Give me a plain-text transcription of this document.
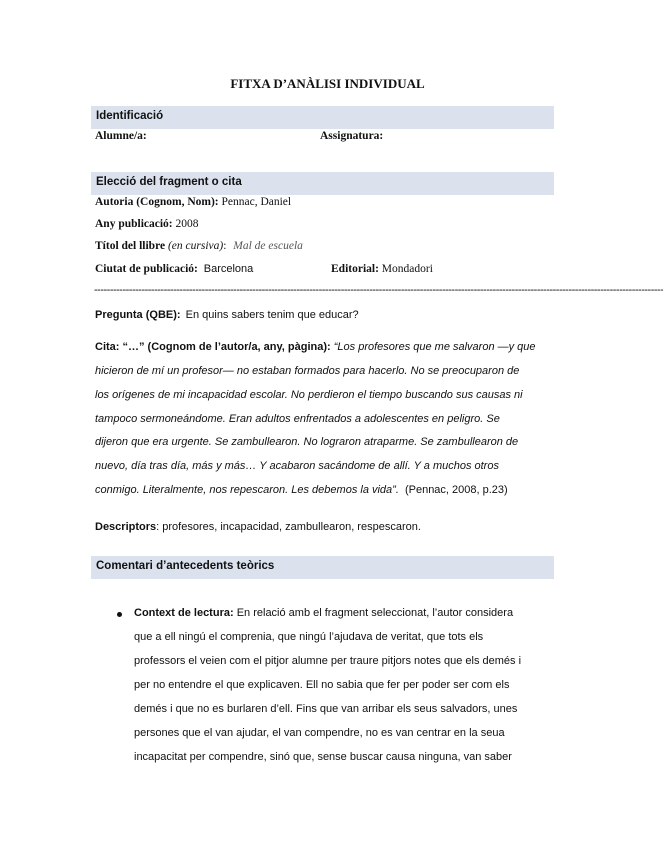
FITXA D’ANÀLISI INDIVIDUAL
Identificació
Alumne/a:	Assignatura:
Elecció del fragment o cita
Autoria (Cognom, Nom): Pennac, Daniel
Any publicació: 2008
Títol del llibre (en cursiva): Mal de escuela
Ciutat de publicació: Barcelona	Editorial: Mondadori
------------------------------------------------------------------------------------------------------------------------------------------------------------------------------------
Pregunta (QBE): En quins sabers tenim que educar?
Cita: “…” (Cognom de l’autor/a, any, pàgina): “Los profesores que me salvaron —y que
hicieron de mí un profesor— no estaban formados para hacerlo. No se preocuparon de
los orígenes de mi incapacidad escolar. No perdieron el tiempo buscando sus causas ni
tampoco sermoneándome. Eran adultos enfrentados a adolescentes en peligro. Se
dijeron que era urgente. Se zambullearon. No lograron atraparme. Se zambullearon de
nuevo, día tras día, más y más… Y acabaron sacándome de allí. Y a muchos otros
conmigo. Literalmente, nos repescaron. Les debemos la vida”. (Pennac, 2008, p.23)
Descriptors: profesores, incapacidad, zambullearon, respescaron.
Comentari d’antecedents teòrics
Context de lectura: En relació amb el fragment seleccionat, l’autor considera
que a ell ningú el comprenia, que ningú l’ajudava de veritat, que tots els
professors el veien com el pitjor alumne per traure pitjors notes que els demés i
per no entendre el que explicaven. Ell no sabia que fer per poder ser com els
demés i que no es burlaren d’ell. Fins que van arribar els seus salvadors, unes
persones que el van ajudar, el van compendre, no es van centrar en la seua
incapacitat per compendre, sinó que, sense buscar causa ninguna, van saber
